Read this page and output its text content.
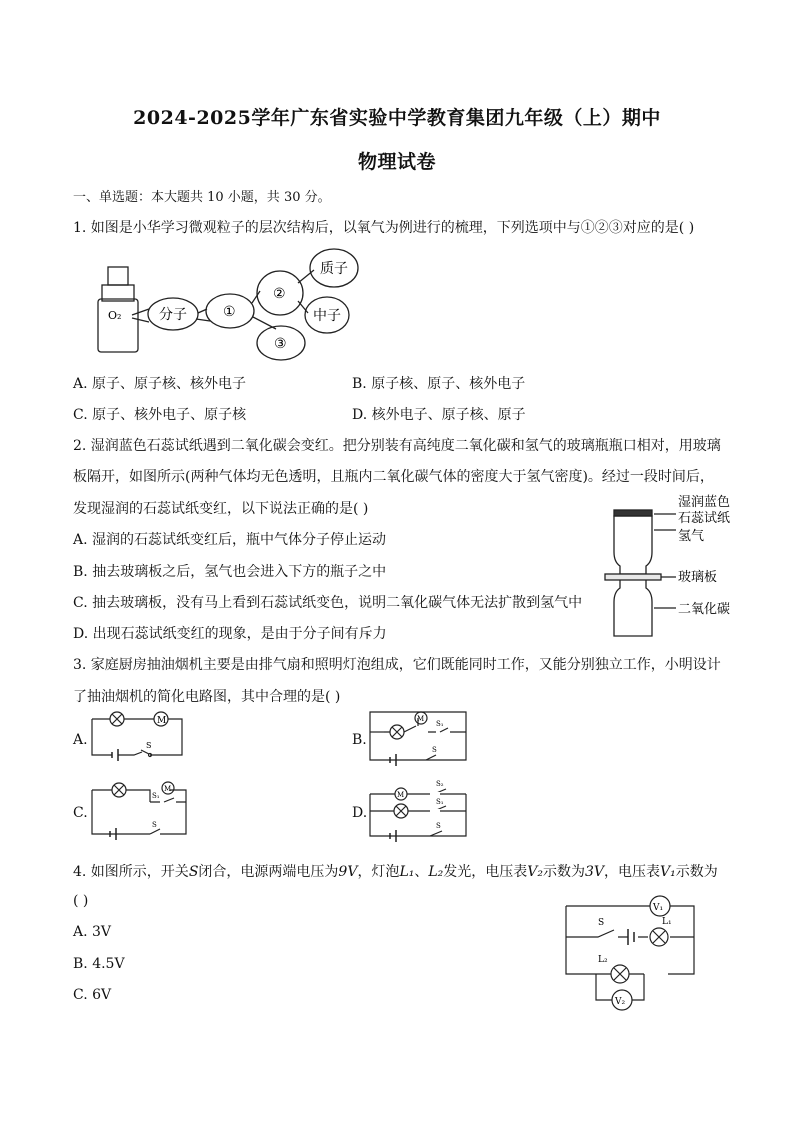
2024-2025学年广东省实验中学教育集团九年级（上）期中
物理试卷
一、单选题：本大题共 10 小题，共 30 分。
1. 如图是小华学习微观粒子的层次结构后，以氧气为例进行的梳理，下列选项中与①②③对应的是( )
O₂	分子	①
②
③
质子
中子
A. 原子、原子核、核外电子	B. 原子核、原子、核外电子
C. 原子、核外电子、原子核	D. 核外电子、原子核、原子
2. 湿润蓝色石蕊试纸遇到二氧化碳会变红。把分别装有高纯度二氧化碳和氢气的玻璃瓶瓶口相对，用玻璃
板隔开，如图所示(两种气体均无色透明，且瓶内二氧化碳气体的密度大于氢气密度)。经过一段时间后，
发现湿润的石蕊试纸变红，以下说法正确的是( )
A. 湿润的石蕊试纸变红后，瓶中气体分子停止运动
B. 抽去玻璃板之后，氢气也会进入下方的瓶子之中
C. 抽去玻璃板，没有马上看到石蕊试纸变色，说明二氧化碳气体无法扩散到氢气中
D. 出现石蕊试纸变红的现象，是由于分子间有斥力
湿润蓝色
石蕊试纸
氢气
玻璃板
二氧化碳
3. 家庭厨房抽油烟机主要是由排气扇和照明灯泡组成，它们既能同时工作，又能分别独立工作，小明设计
了抽油烟机的简化电路图，其中合理的是( )
A.
M
S	B.
M
S₁
S
C.
M
S₁
S
D.
M
S₂
S₁
S
4. 如图所示，开关S闭合，电源两端电压为9V，灯泡L₁、L₂发光，电压表V₂示数为3V，电压表V₁示数为
( )
A. 3V
B. 4.5V
C. 6V
V₁
V₂
S	L₁
L₂
